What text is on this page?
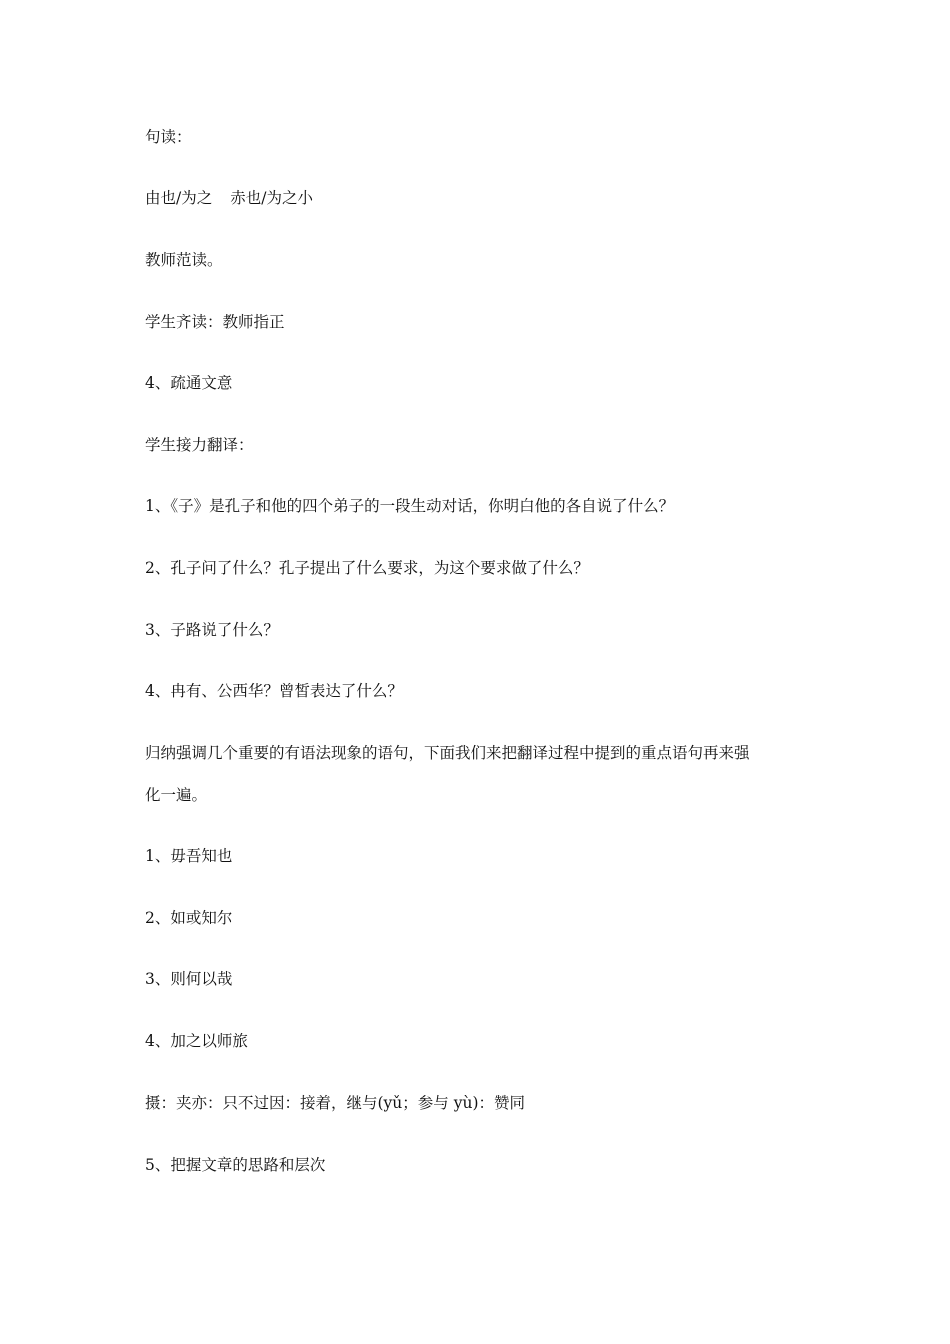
句读：
由也/为之 赤也/为之小
教师范读。
学生齐读：教师指正
4、疏通文意
学生接力翻译：
1、《子》是孔子和他的四个弟子的一段生动对话，你明白他的各自说了什么？
2、孔子问了什么？孔子提出了什么要求，为这个要求做了什么？
3、子路说了什么？
4、冉有、公西华？曾皙表达了什么？
归纳强调几个重要的有语法现象的语句，下面我们来把翻译过程中提到的重点语句再来强
化一遍。
1、毋吾知也
2、如或知尔
3、则何以哉
4、加之以师旅
摄：夹亦：只不过因：接着，继与(yǔ；参与 yù)：赞同
5、把握文章的思路和层次
